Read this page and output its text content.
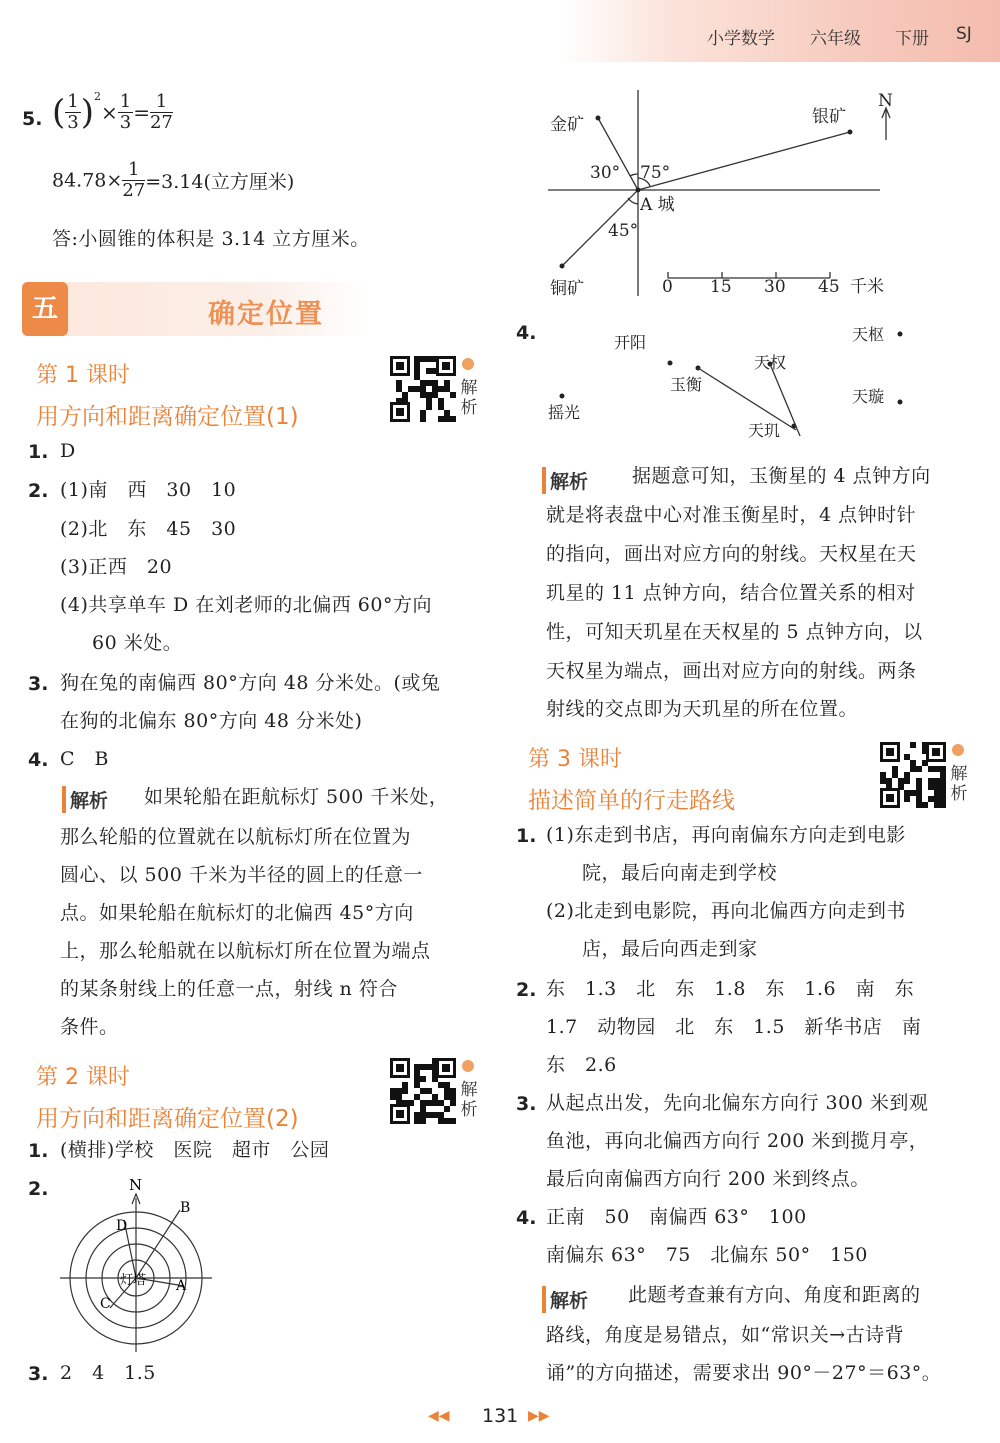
小学数学 六年级 下册 SJ
5. ( $\frac{1}{3} )^2\times \frac{1}{3} = \frac{1}{27}$
$84.78\times \frac{1}{27} =3.14$(立方厘米)
答:小圆锥的体积是 3.14 立方厘米。
五	确定位置
第 1 课时
用方向和距离确定位置(1)
解析
1. D
2. (1)南　西　30　10
(2)北　东　45　30
(3)正西　20
(4)共享单车 D 在刘老师的北偏西 60°方向
60 米处。
3. 狗在兔的南偏西 80°方向 48 分米处。(或兔
在狗的北偏东 80°方向 48 分米处)
4. C　B
解析 如果轮船在距航标灯 500 千米处，
那么轮船的位置就在以航标灯所在位置为
圆心、以 500 千米为半径的圆上的任意一
点。如果轮船在航标灯的北偏西 45°方向
上，那么轮船就在以航标灯所在位置为端点
的某条射线上的任意一点，射线 n 符合
条件。
第 2 课时
用方向和距离确定位置(2)
解析
1. (横排)学校　医院　超市　公园
2.	N
灯塔 A
B
C
D
3. 2　4　1.5
N
A 城
金矿	银矿
铜矿
30° 75°
45°
0 15 30 45 千米
4.	开阳	天枢
天权
玉衡
摇光
天璇
天玑
解析 据题意可知，玉衡星的 4 点钟方向
就是将表盘中心对准玉衡星时，4 点钟时针
的指向，画出对应方向的射线。天权星在天
玑星的 11 点钟方向，结合位置关系的相对
性，可知天玑星在天权星的 5 点钟方向，以
天权星为端点，画出对应方向的射线。两条
射线的交点即为天玑星的所在位置。
第 3 课时
描述简单的行走路线
解析
1. (1)东走到书店，再向南偏东方向走到电影
院，最后向南走到学校
(2)北走到电影院，再向北偏西方向走到书
店，最后向西走到家
2. 东　1.3　北　东　1.8　东　1.6　南　东
1.7　动物园　北　东　1.5　新华书店　南
东　2.6
3. 从起点出发，先向北偏东方向行 300 米到观
鱼池，再向北偏西方向行 200 米到揽月亭，
最后向南偏西方向行 200 米到终点。
4. 正南　50　南偏西 63°　100
南偏东 63°　75　北偏东 50°　150
解析 此题考查兼有方向、角度和距离的
路线，角度是易错点，如“常识关→古诗背
诵”的方向描述，需要求出 90°－27°＝63°。
◀◀ 131 ▶▶
